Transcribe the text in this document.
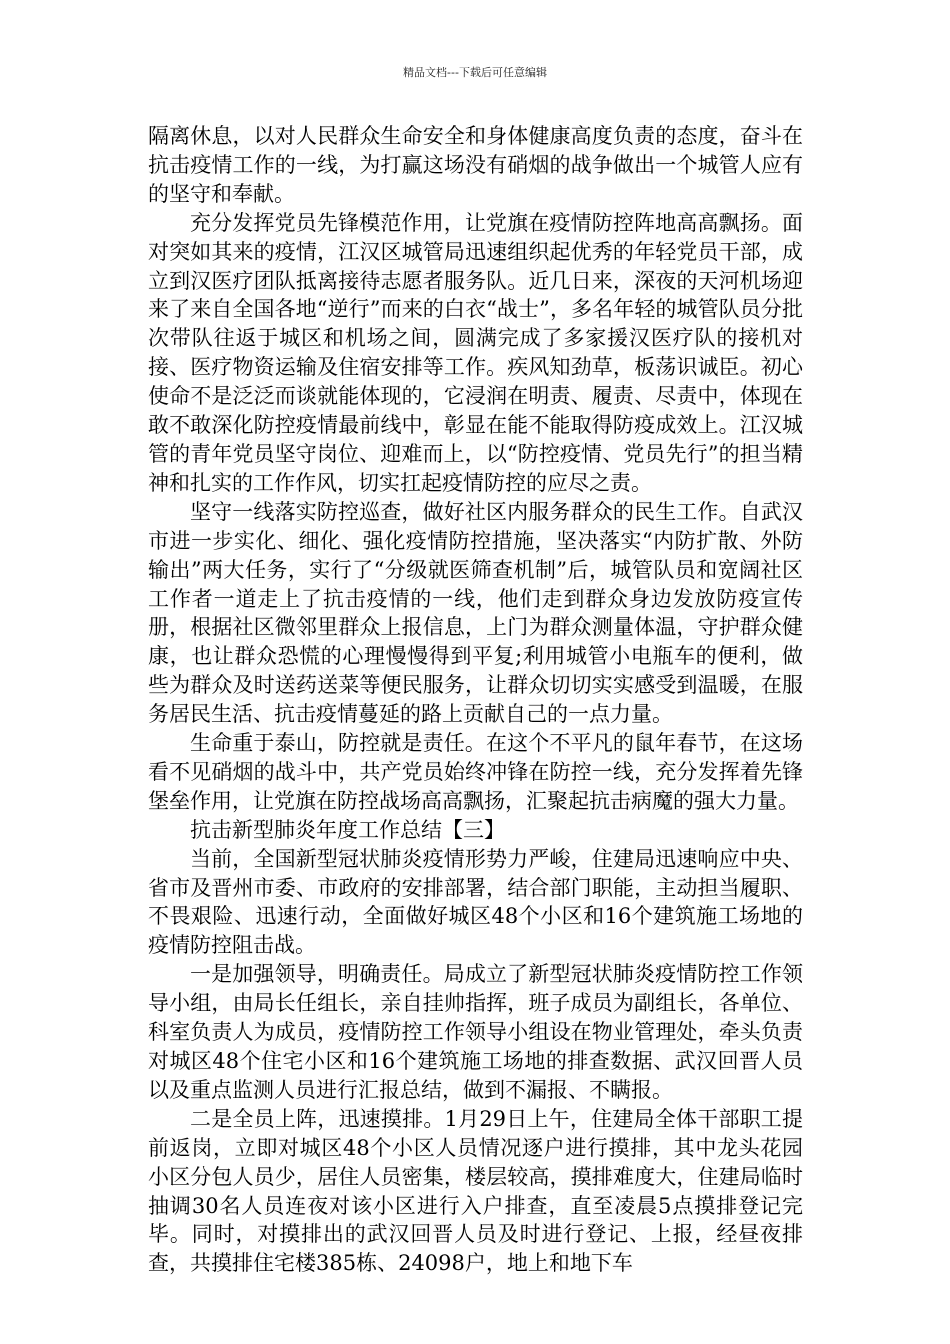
精品文档---下载后可任意编辑

隔离休息，以对人民群众生命安全和身体健康高度负责的态度，奋斗在抗击疫情工作的一线，为打赢这场没有硝烟的战争做出一个城管人应有的坚守和奉献。

充分发挥党员先锋模范作用，让党旗在疫情防控阵地高高飘扬。面对突如其来的疫情，江汉区城管局迅速组织起优秀的年轻党员干部，成立到汉医疗团队抵离接待志愿者服务队。近几日来，深夜的天河机场迎来了来自全国各地“逆行”而来的白衣“战士”，多名年轻的城管队员分批次带队往返于城区和机场之间，圆满完成了多家援汉医疗队的接机对接、医疗物资运输及住宿安排等工作。疾风知劲草，板荡识诚臣。初心使命不是泛泛而谈就能体现的，它浸润在明责、履责、尽责中，体现在敢不敢深化防控疫情最前线中，彰显在能不能取得防疫成效上。江汉城管的青年党员坚守岗位、迎难而上，以“防控疫情、党员先行”的担当精神和扎实的工作作风，切实扛起疫情防控的应尽之责。

坚守一线落实防控巡查，做好社区内服务群众的民生工作。自武汉市进一步实化、细化、强化疫情防控措施，坚决落实“内防扩散、外防输出”两大任务，实行了“分级就医筛查机制”后，城管队员和宽阔社区工作者一道走上了抗击疫情的一线，他们走到群众身边发放防疫宣传册，根据社区微邻里群众上报信息，上门为群众测量体温，守护群众健康，也让群众恐慌的心理慢慢得到平复;利用城管小电瓶车的便利，做些为群众及时送药送菜等便民服务，让群众切切实实感受到温暖，在服务居民生活、抗击疫情蔓延的路上贡献自己的一点力量。

生命重于泰山，防控就是责任。在这个不平凡的鼠年春节，在这场看不见硝烟的战斗中，共产党员始终冲锋在防控一线，充分发挥着先锋堡垒作用，让党旗在防控战场高高飘扬，汇聚起抗击病魔的强大力量。

抗击新型肺炎年度工作总结【三】

当前，全国新型冠状肺炎疫情形势力严峻，住建局迅速响应中央、省市及晋州市委、市政府的安排部署，结合部门职能，主动担当履职、不畏艰险、迅速行动，全面做好城区48个小区和16个建筑施工场地的疫情防控阻击战。

一是加强领导，明确责任。局成立了新型冠状肺炎疫情防控工作领导小组，由局长任组长，亲自挂帅指挥，班子成员为副组长，各单位、科室负责人为成员，疫情防控工作领导小组设在物业管理处，牵头负责对城区48个住宅小区和16个建筑施工场地的排查数据、武汉回晋人员以及重点监测人员进行汇报总结，做到不漏报、不瞒报。

二是全员上阵，迅速摸排。1月29日上午，住建局全体干部职工提前返岗，立即对城区48个小区人员情况逐户进行摸排，其中龙头花园小区分包人员少，居住人员密集，楼层较高，摸排难度大，住建局临时抽调30名人员连夜对该小区进行入户排查，直至凌晨5点摸排登记完毕。同时，对摸排出的武汉回晋人员及时进行登记、上报，经昼夜排查，共摸排住宅楼385栋、24098户，地上和地下车
